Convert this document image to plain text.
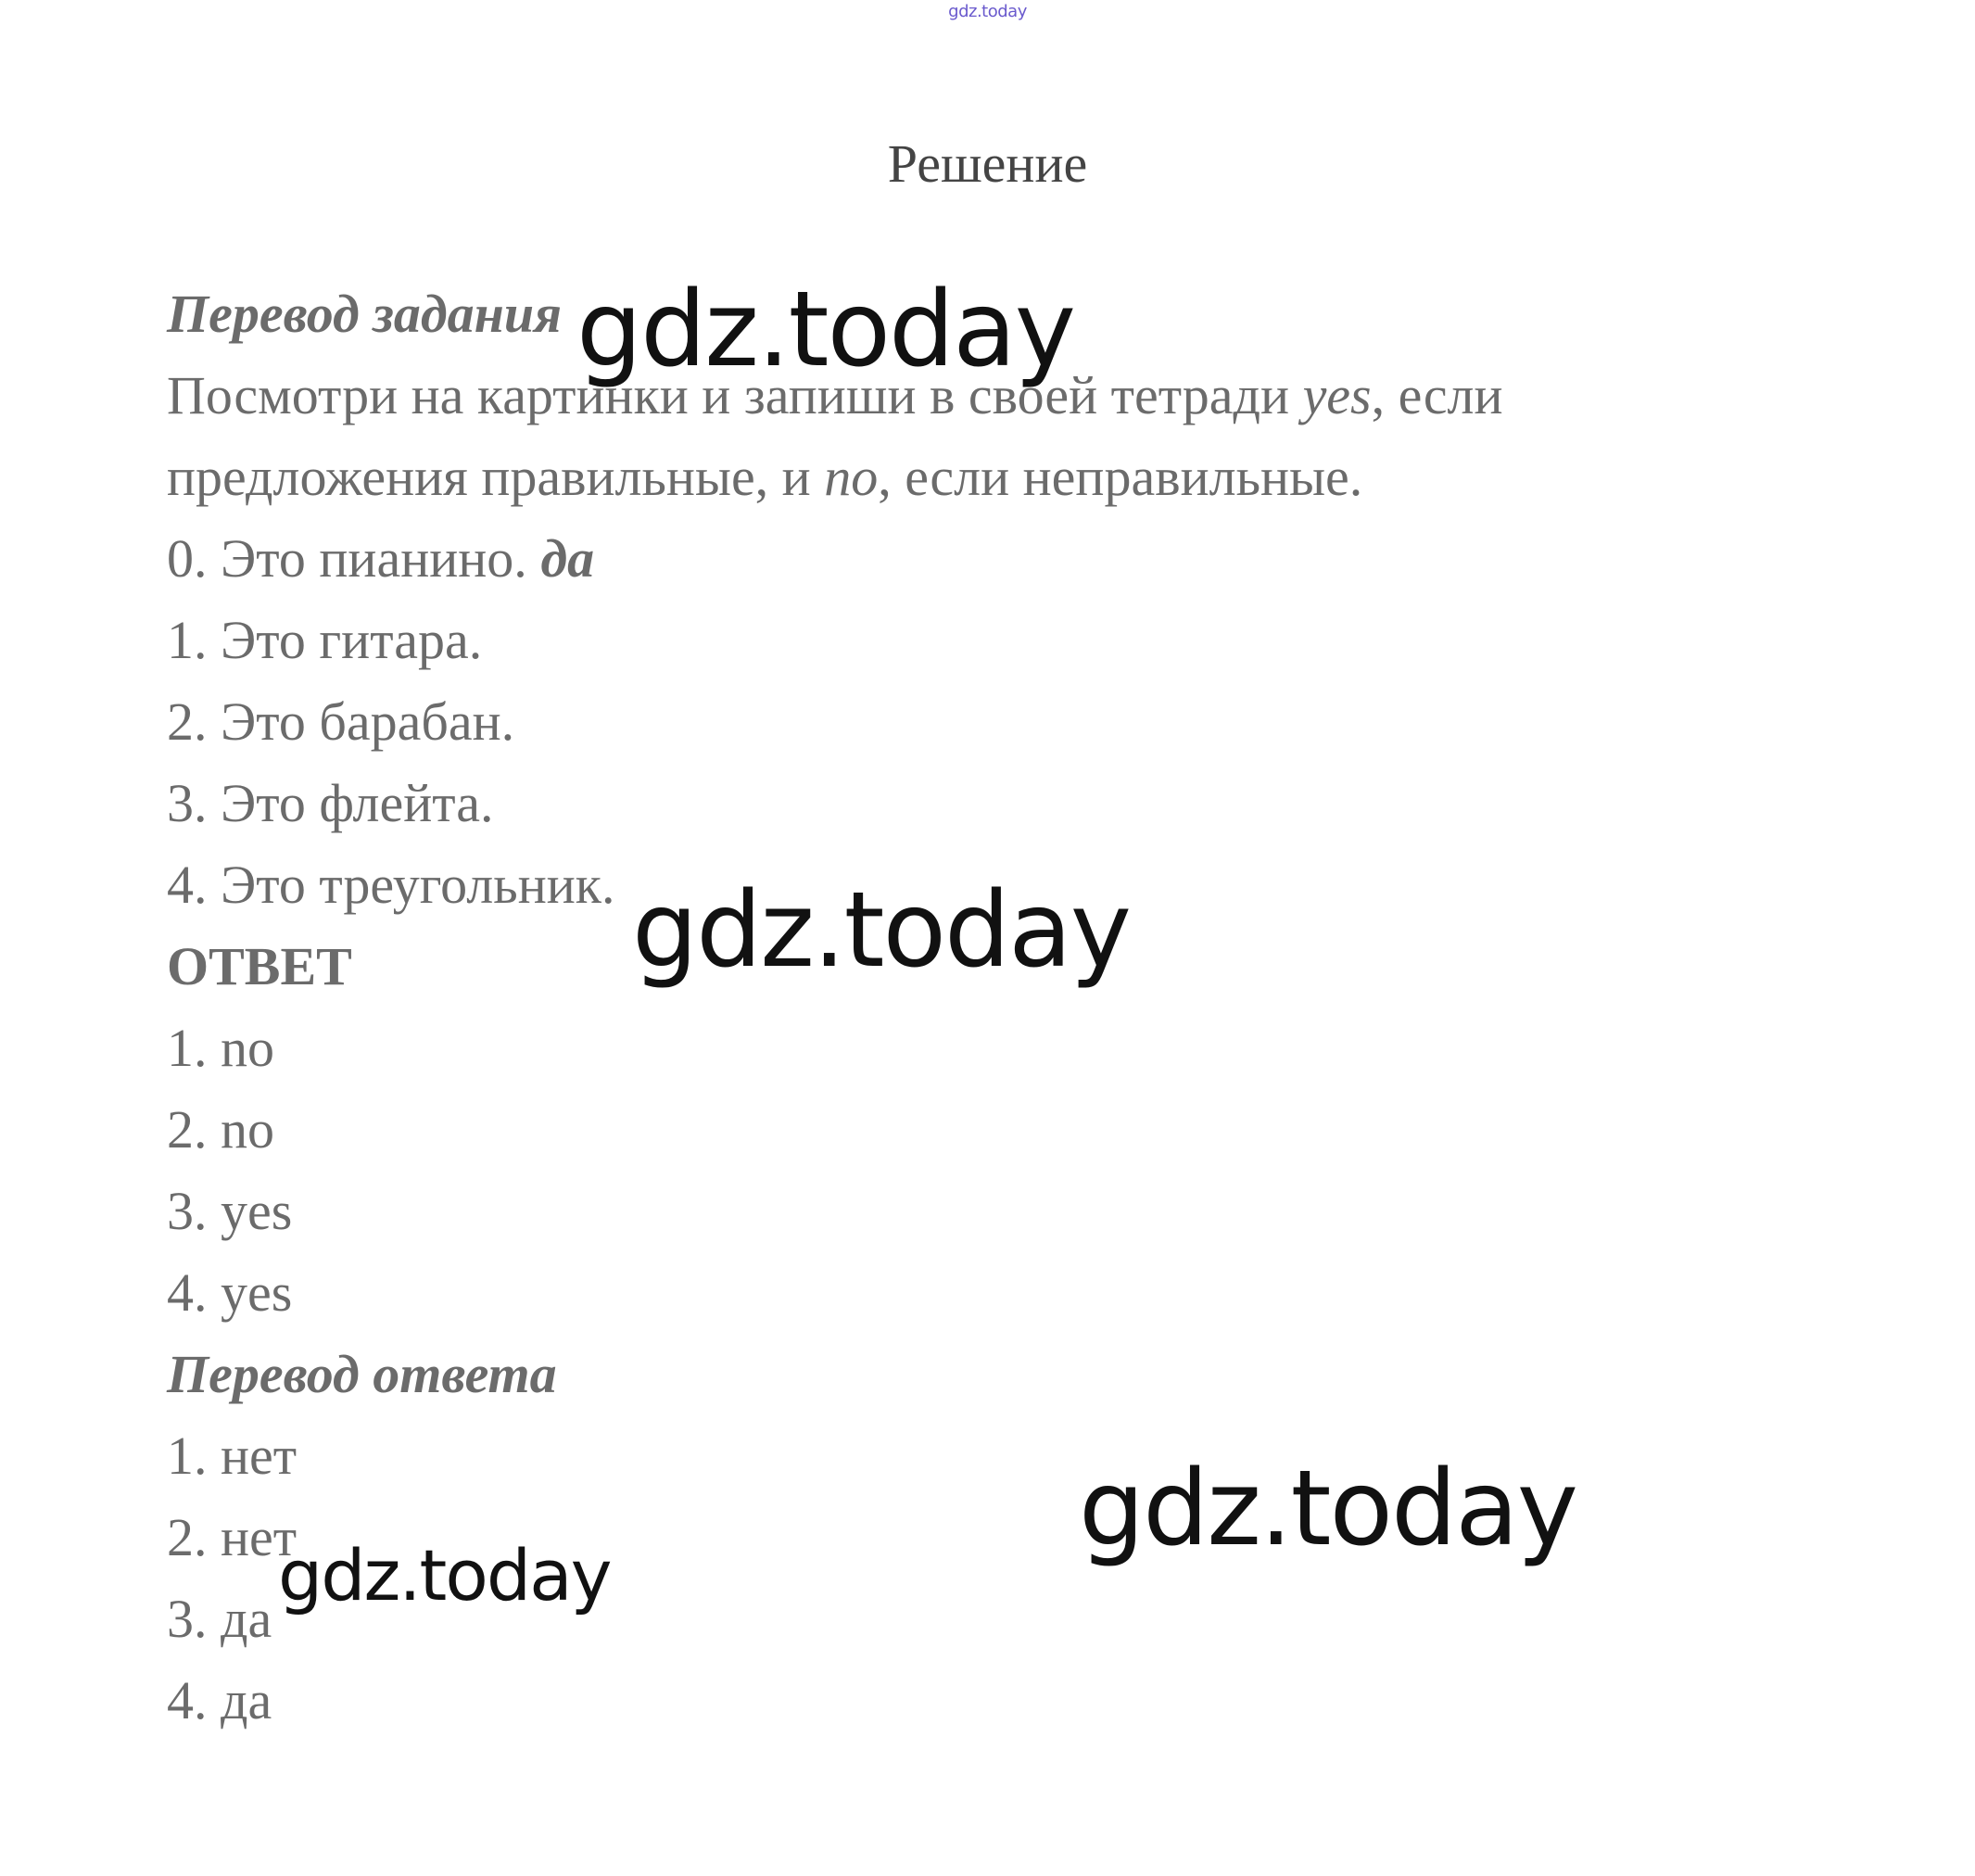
gdz.today
Решение
Перевод задания
Посмотри на картинки и запиши в своей тетради yes, если
предложения правильные, и no, если неправильные.
0. Это пианино. да
1. Это гитара.
2. Это барабан.
3. Это флейта.
4. Это треугольник.
ОТВЕТ
1. no
2. no
3. yes
4. yes
Перевод ответа
1. нет
2. нет
3. да
4. да
gdz.today
gdz.today
gdz.today
gdz.today
